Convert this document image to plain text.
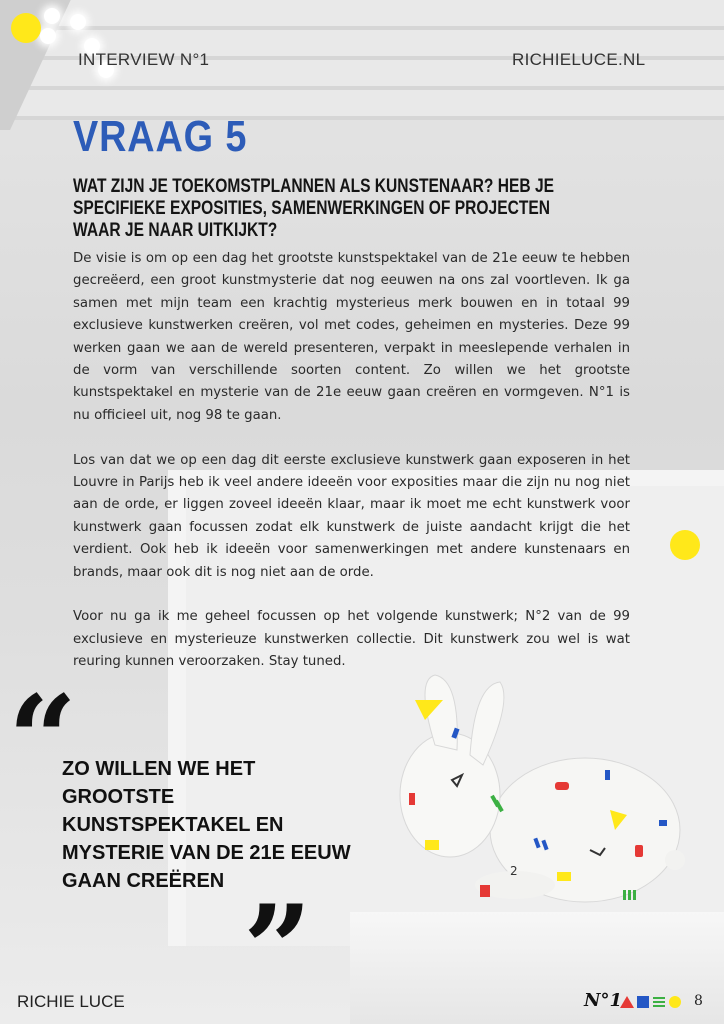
INTERVIEW N°1	RICHIELUCE.NL
VRAAG 5
WAT ZIJN JE TOEKOMSTPLANNEN ALS KUNSTENAAR? HEB JE SPECIFIEKE EXPOSITIES, SAMENWERKINGEN OF PROJECTEN WAAR JE NAAR UITKIJKT?

De visie is om op een dag het grootste kunstspektakel van de 21e eeuw te hebben gecreëerd, een groot kunstmysterie dat nog eeuwen na ons zal voortleven. Ik ga samen met mijn team een krachtig mysterieus merk bouwen en in totaal 99 exclusieve kunstwerken creëren, vol met codes, geheimen en mysteries. Deze 99 werken gaan we aan de wereld presenteren, verpakt in meeslepende verhalen in de vorm van verschillende soorten content. Zo willen we het grootste kunstspektakel en mysterie van de 21e eeuw gaan creëren en vormgeven. N°1 is nu officieel uit, nog 98 te gaan.

Los van dat we op een dag dit eerste exclusieve kunstwerk gaan exposeren in het Louvre in Parijs heb ik veel andere ideeën voor exposities maar die zijn nu nog niet aan de orde, er liggen zoveel ideeën klaar, maar ik moet me echt kunstwerk voor kunstwerk gaan focussen zodat elk kunstwerk de juiste aandacht krijgt die het verdient. Ook heb ik ideeën voor samenwerkingen met andere kunstenaars en brands, maar ook dit is nog niet aan de orde.

Voor nu ga ik me geheel focussen op het volgende kunstwerk; N°2 van de 99 exclusieve en mysterieuze kunstwerken collectie. Dit kunstwerk zou wel is wat reuring kunnen veroorzaken. Stay tuned.

2
“
ZO WILLEN WE HET GROOTSTE KUNSTSPEKTAKEL EN MYSTERIE VAN DE 21E EEUW GAAN CREËREN ”
RICHIE LUCE	N°1	8
